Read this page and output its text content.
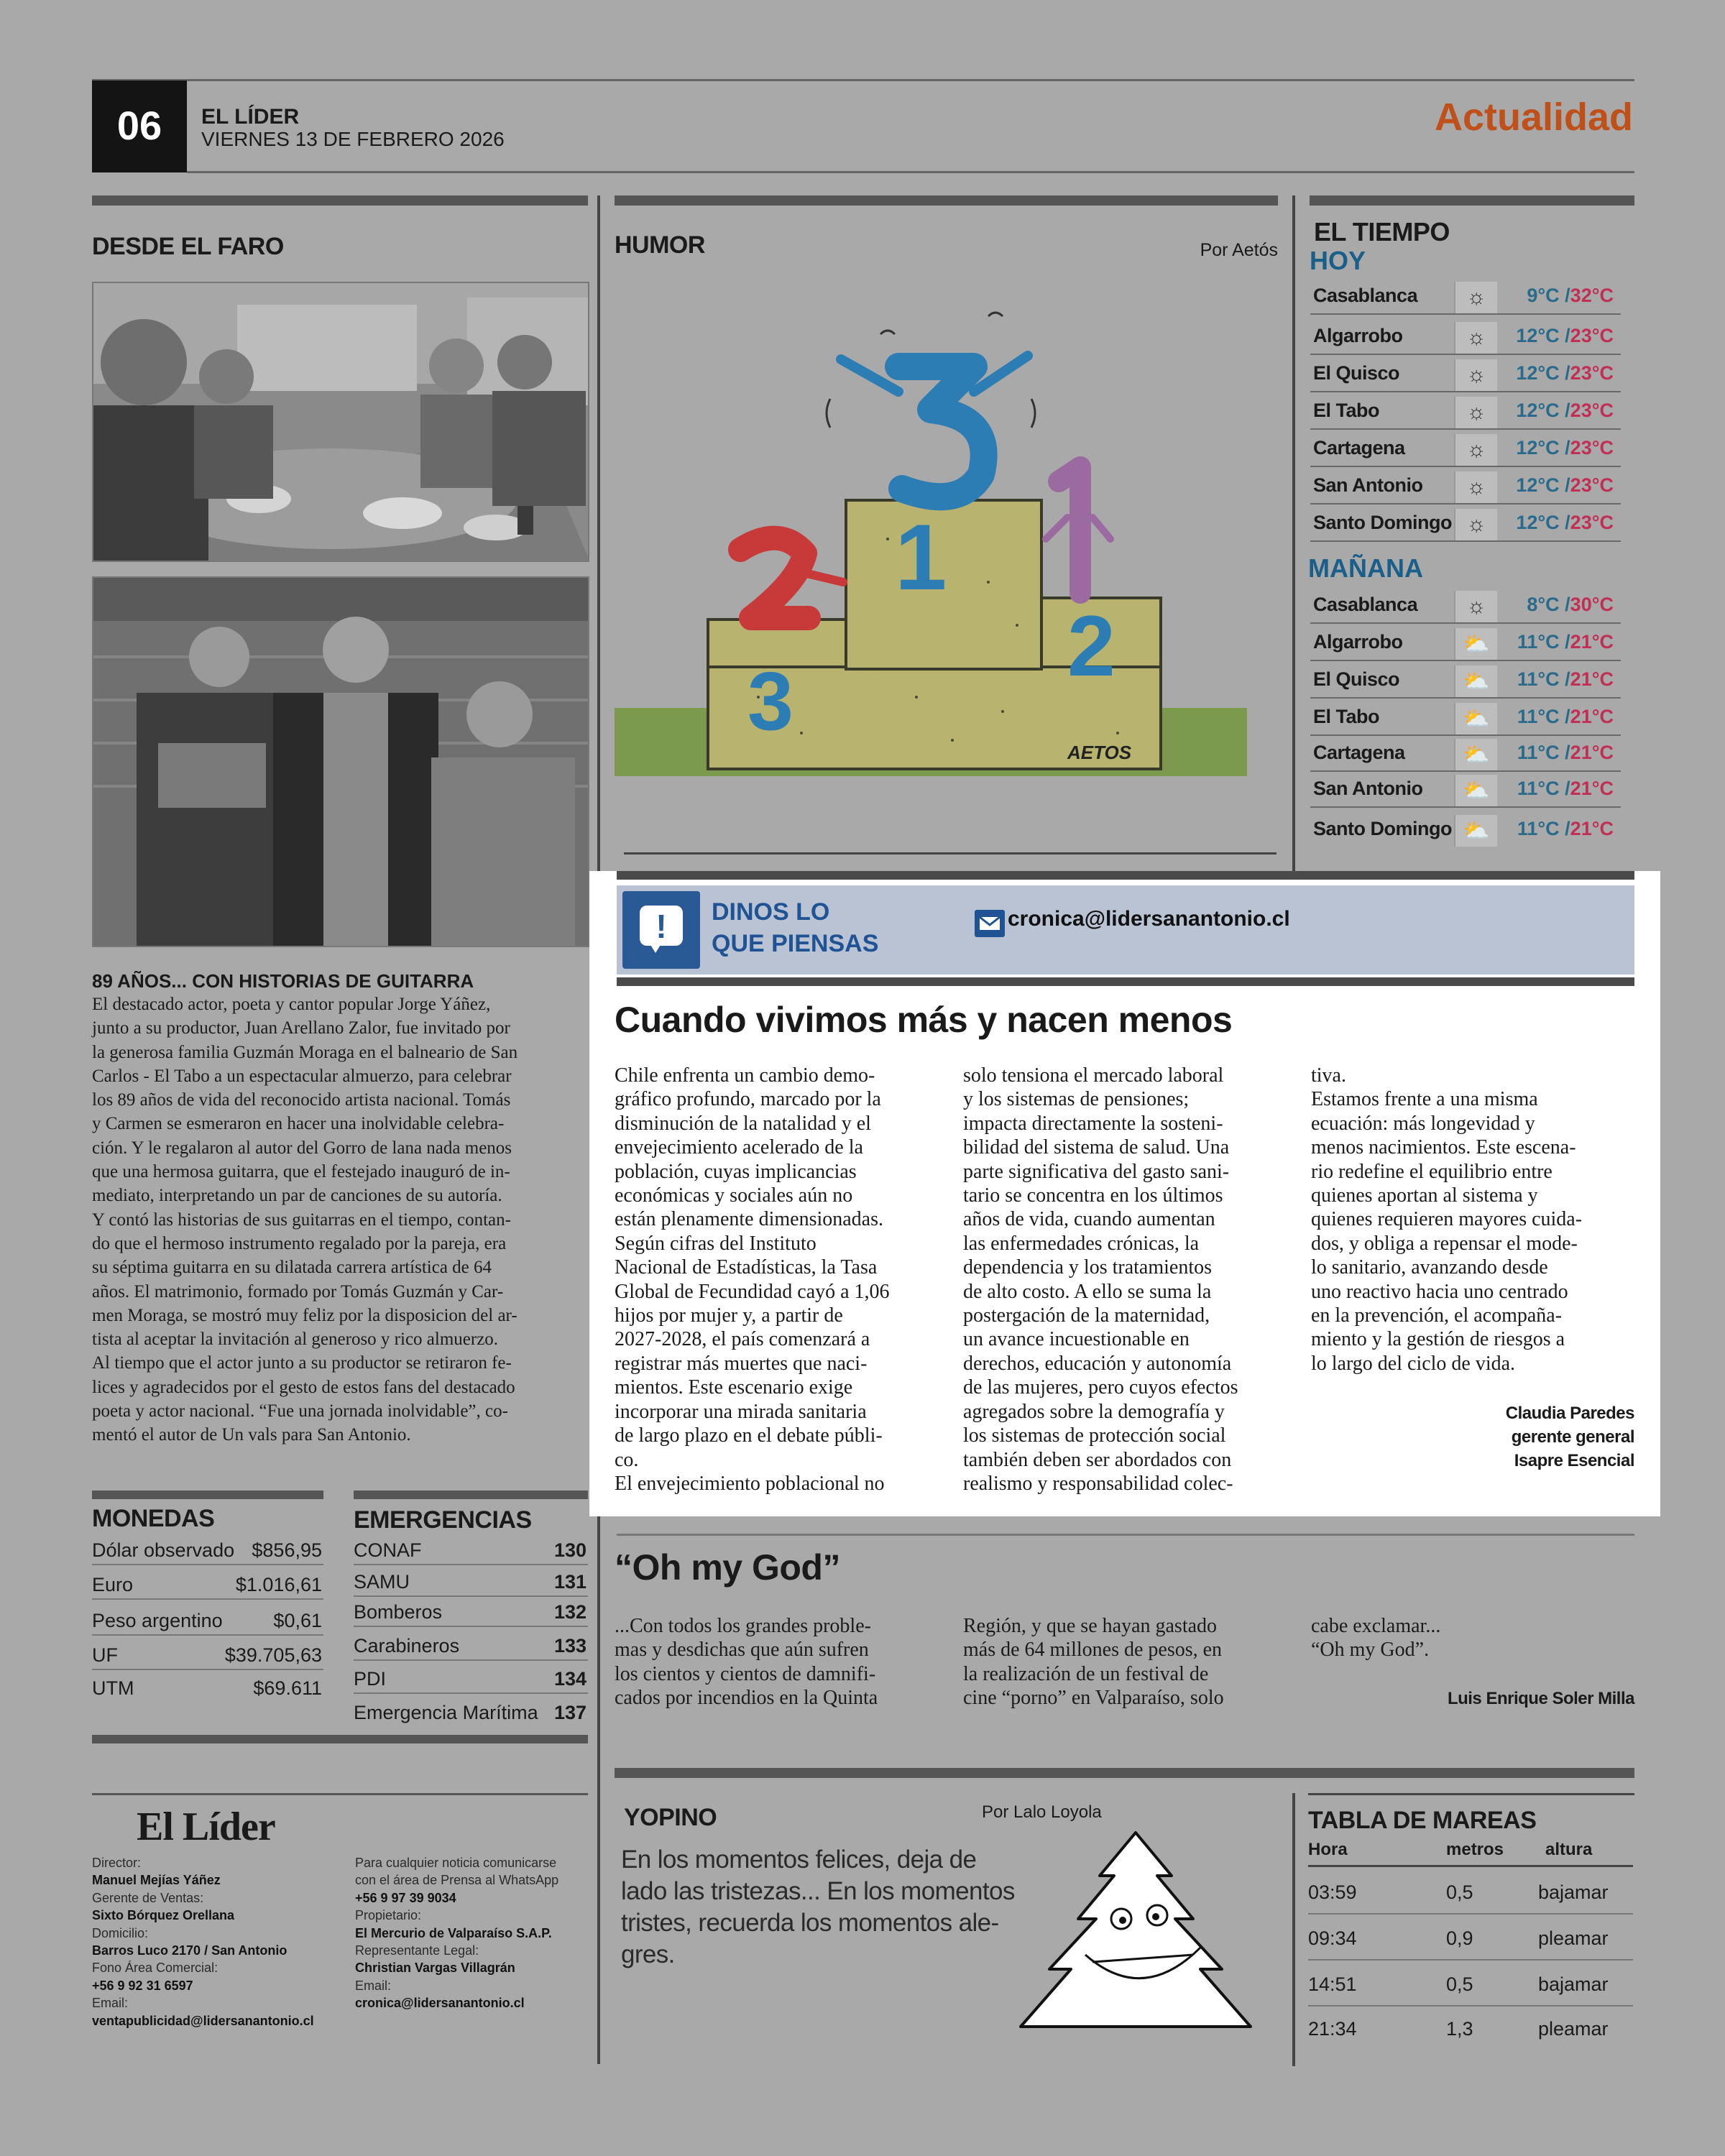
06	EL LÍDER
VIERNES 13 DE FEBRERO 2026
Actualidad
DESDE EL FARO
89 AÑOS... CON HISTORIAS DE GUITARRA
El destacado actor, poeta y cantor popular Jorge Yáñez,
junto a su productor, Juan Arellano Zalor, fue invitado por
la generosa familia Guzmán Moraga en el balneario de San
Carlos - El Tabo a un espectacular almuerzo, para celebrar
los 89 años de vida del reconocido artista nacional. Tomás
y Carmen se esmeraron en hacer una inolvidable celebra-
ción. Y le regalaron al autor del Gorro de lana nada menos
que una hermosa guitarra, que el festejado inauguró de in-
mediato, interpretando un par de canciones de su autoría.
Y contó las historias de sus guitarras en el tiempo, contan-
do que el hermoso instrumento regalado por la pareja, era
su séptima guitarra en su dilatada carrera artística de 64
años. El matrimonio, formado por Tomás Guzmán y Car-
men Moraga, se mostró muy feliz por la disposicion del ar-
tista al aceptar la invitación al generoso y rico almuerzo.
Al tiempo que el actor junto a su productor se retiraron fe-
lices y agradecidos por el gesto de estos fans del destacado
poeta y actor nacional. “Fue una jornada inolvidable”, co-
mentó el autor de Un vals para San Antonio.
MONEDAS
Dólar observado $856,95
Euro	$1.016,61
Peso argentino	$0,61
UF	$39.705,63
UTM	$69.611
EMERGENCIAS
CONAF	130
SAMU	131
Bomberos	132
Carabineros	133
PDI	134
Emergencia Marítima 137
El Líder
Director:
Manuel Mejías Yáñez
Gerente de Ventas:
Sixto Bórquez Orellana
Domicilio:
Barros Luco 2170 / San Antonio
Fono Área Comercial:
+56 9 92 31 6597
Email:
ventapublicidad@lidersanantonio.cl
Para cualquier noticia comunicarse
con el área de Prensa al WhatsApp
+56 9 97 39 9034
Propietario:
El Mercurio de Valparaíso S.A.P.
Representante Legal:
Christian Vargas Villagrán
Email:
cronica@lidersanantonio.cl
HUMOR	Por Aetós
1
2
3
AETOS
EL TIEMPO
HOY
Casablanca	☼	9°C /32°C
Algarrobo	☼	12°C /23°C
El Quisco	☼	12°C /23°C
El Tabo	☼	12°C /23°C
Cartagena	☼	12°C /23°C
San Antonio	☼	12°C /23°C
Santo Domingo ☼	12°C /23°C
MAÑANA
Casablanca	☼	8°C /30°C
Algarrobo	⛅	11°C /21°C
El Quisco	⛅	11°C /21°C
El Tabo	⛅	11°C /21°C
Cartagena	⛅	11°C /21°C
San Antonio	⛅	11°C /21°C
Santo Domingo ⛅	11°C /21°C
!	DINOS LO
QUE PIENSAS
cronica@lidersanantonio.cl
Cuando vivimos más y nacen menos
Chile enfrenta un cambio demo-
gráfico profundo, marcado por la
disminución de la natalidad y el
envejecimiento acelerado de la
población, cuyas implicancias
económicas y sociales aún no
están plenamente dimensionadas.
Según cifras del Instituto
Nacional de Estadísticas, la Tasa
Global de Fecundidad cayó a 1,06
hijos por mujer y, a partir de
2027-2028, el país comenzará a
registrar más muertes que naci-
mientos. Este escenario exige
incorporar una mirada sanitaria
de largo plazo en el debate públi-
co.
El envejecimiento poblacional no
solo tensiona el mercado laboral
y los sistemas de pensiones;
impacta directamente la sosteni-
bilidad del sistema de salud. Una
parte significativa del gasto sani-
tario se concentra en los últimos
años de vida, cuando aumentan
las enfermedades crónicas, la
dependencia y los tratamientos
de alto costo. A ello se suma la
postergación de la maternidad,
un avance incuestionable en
derechos, educación y autonomía
de las mujeres, pero cuyos efectos
agregados sobre la demografía y
los sistemas de protección social
también deben ser abordados con
realismo y responsabilidad colec-
tiva.
Estamos frente a una misma
ecuación: más longevidad y
menos nacimientos. Este escena-
rio redefine el equilibrio entre
quienes aportan al sistema y
quienes requieren mayores cuida-
dos, y obliga a repensar el mode-
lo sanitario, avanzando desde
uno reactivo hacia uno centrado
en la prevención, el acompaña-
miento y la gestión de riesgos a
lo largo del ciclo de vida.
Claudia Paredes
gerente general
Isapre Esencial
“Oh my God”
...Con todos los grandes proble-
mas y desdichas que aún sufren
los cientos y cientos de damnifi-
cados por incendios en la Quinta
Región, y que se hayan gastado
más de 64 millones de pesos, en
la realización de un festival de
cine “porno” en Valparaíso, solo
cabe exclamar...
“Oh my God”.
Luis Enrique Soler Milla
YOPINO	Por Lalo Loyola
En los momentos felices, deja de
lado las tristezas... En los momentos
tristes, recuerda los momentos ale-
gres.
TABLA DE MAREAS
Hora	metros altura
03:59	0,5	bajamar
09:34	0,9	pleamar
14:51	0,5	bajamar
21:34	1,3	pleamar
